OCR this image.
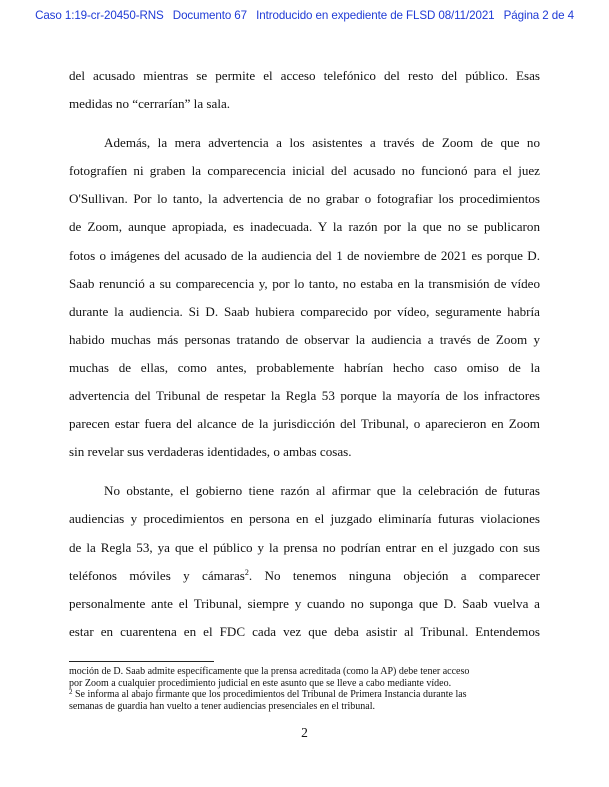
Caso 1:19-cr-20450-RNS Documento 67 Introducido en expediente de FLSD 08/11/2021 Página 2 de 4
del acusado mientras se permite el acceso telefónico del resto del público. Esas
medidas no “cerrarían” la sala.
Además, la mera advertencia a los asistentes a través de Zoom de que no
fotografíen ni graben la comparecencia inicial del acusado no funcionó para el juez
O'Sullivan. Por lo tanto, la advertencia de no grabar o fotografiar los procedimientos
de Zoom, aunque apropiada, es inadecuada. Y la razón por la que no se publicaron
fotos o imágenes del acusado de la audiencia del 1 de noviembre de 2021 es porque D.
Saab renunció a su comparecencia y, por lo tanto, no estaba en la transmisión de vídeo
durante la audiencia. Si D. Saab hubiera comparecido por vídeo, seguramente habría
habido muchas más personas tratando de observar la audiencia a través de Zoom y
muchas de ellas, como antes, probablemente habrían hecho caso omiso de la
advertencia del Tribunal de respetar la Regla 53 porque la mayoría de los infractores
parecen estar fuera del alcance de la jurisdicción del Tribunal, o aparecieron en Zoom
sin revelar sus verdaderas identidades, o ambas cosas.
No obstante, el gobierno tiene razón al afirmar que la celebración de futuras
audiencias y procedimientos en persona en el juzgado eliminaría futuras violaciones
de la Regla 53, ya que el público y la prensa no podrían entrar en el juzgado con sus
teléfonos móviles y cámaras$^2$. No tenemos ninguna objeción a comparecer
personalmente ante el Tribunal, siempre y cuando no suponga que D. Saab vuelva a
estar en cuarentena en el FDC cada vez que deba asistir al Tribunal. Entendemos
moción de D. Saab admite específicamente que la prensa acreditada (como la AP) debe tener acceso
por Zoom a cualquier procedimiento judicial en este asunto que se lleve a cabo mediante vídeo.
$^2$ Se informa al abajo firmante que los procedimientos del Tribunal de Primera Instancia durante las
semanas de guardia han vuelto a tener audiencias presenciales en el tribunal.
2
